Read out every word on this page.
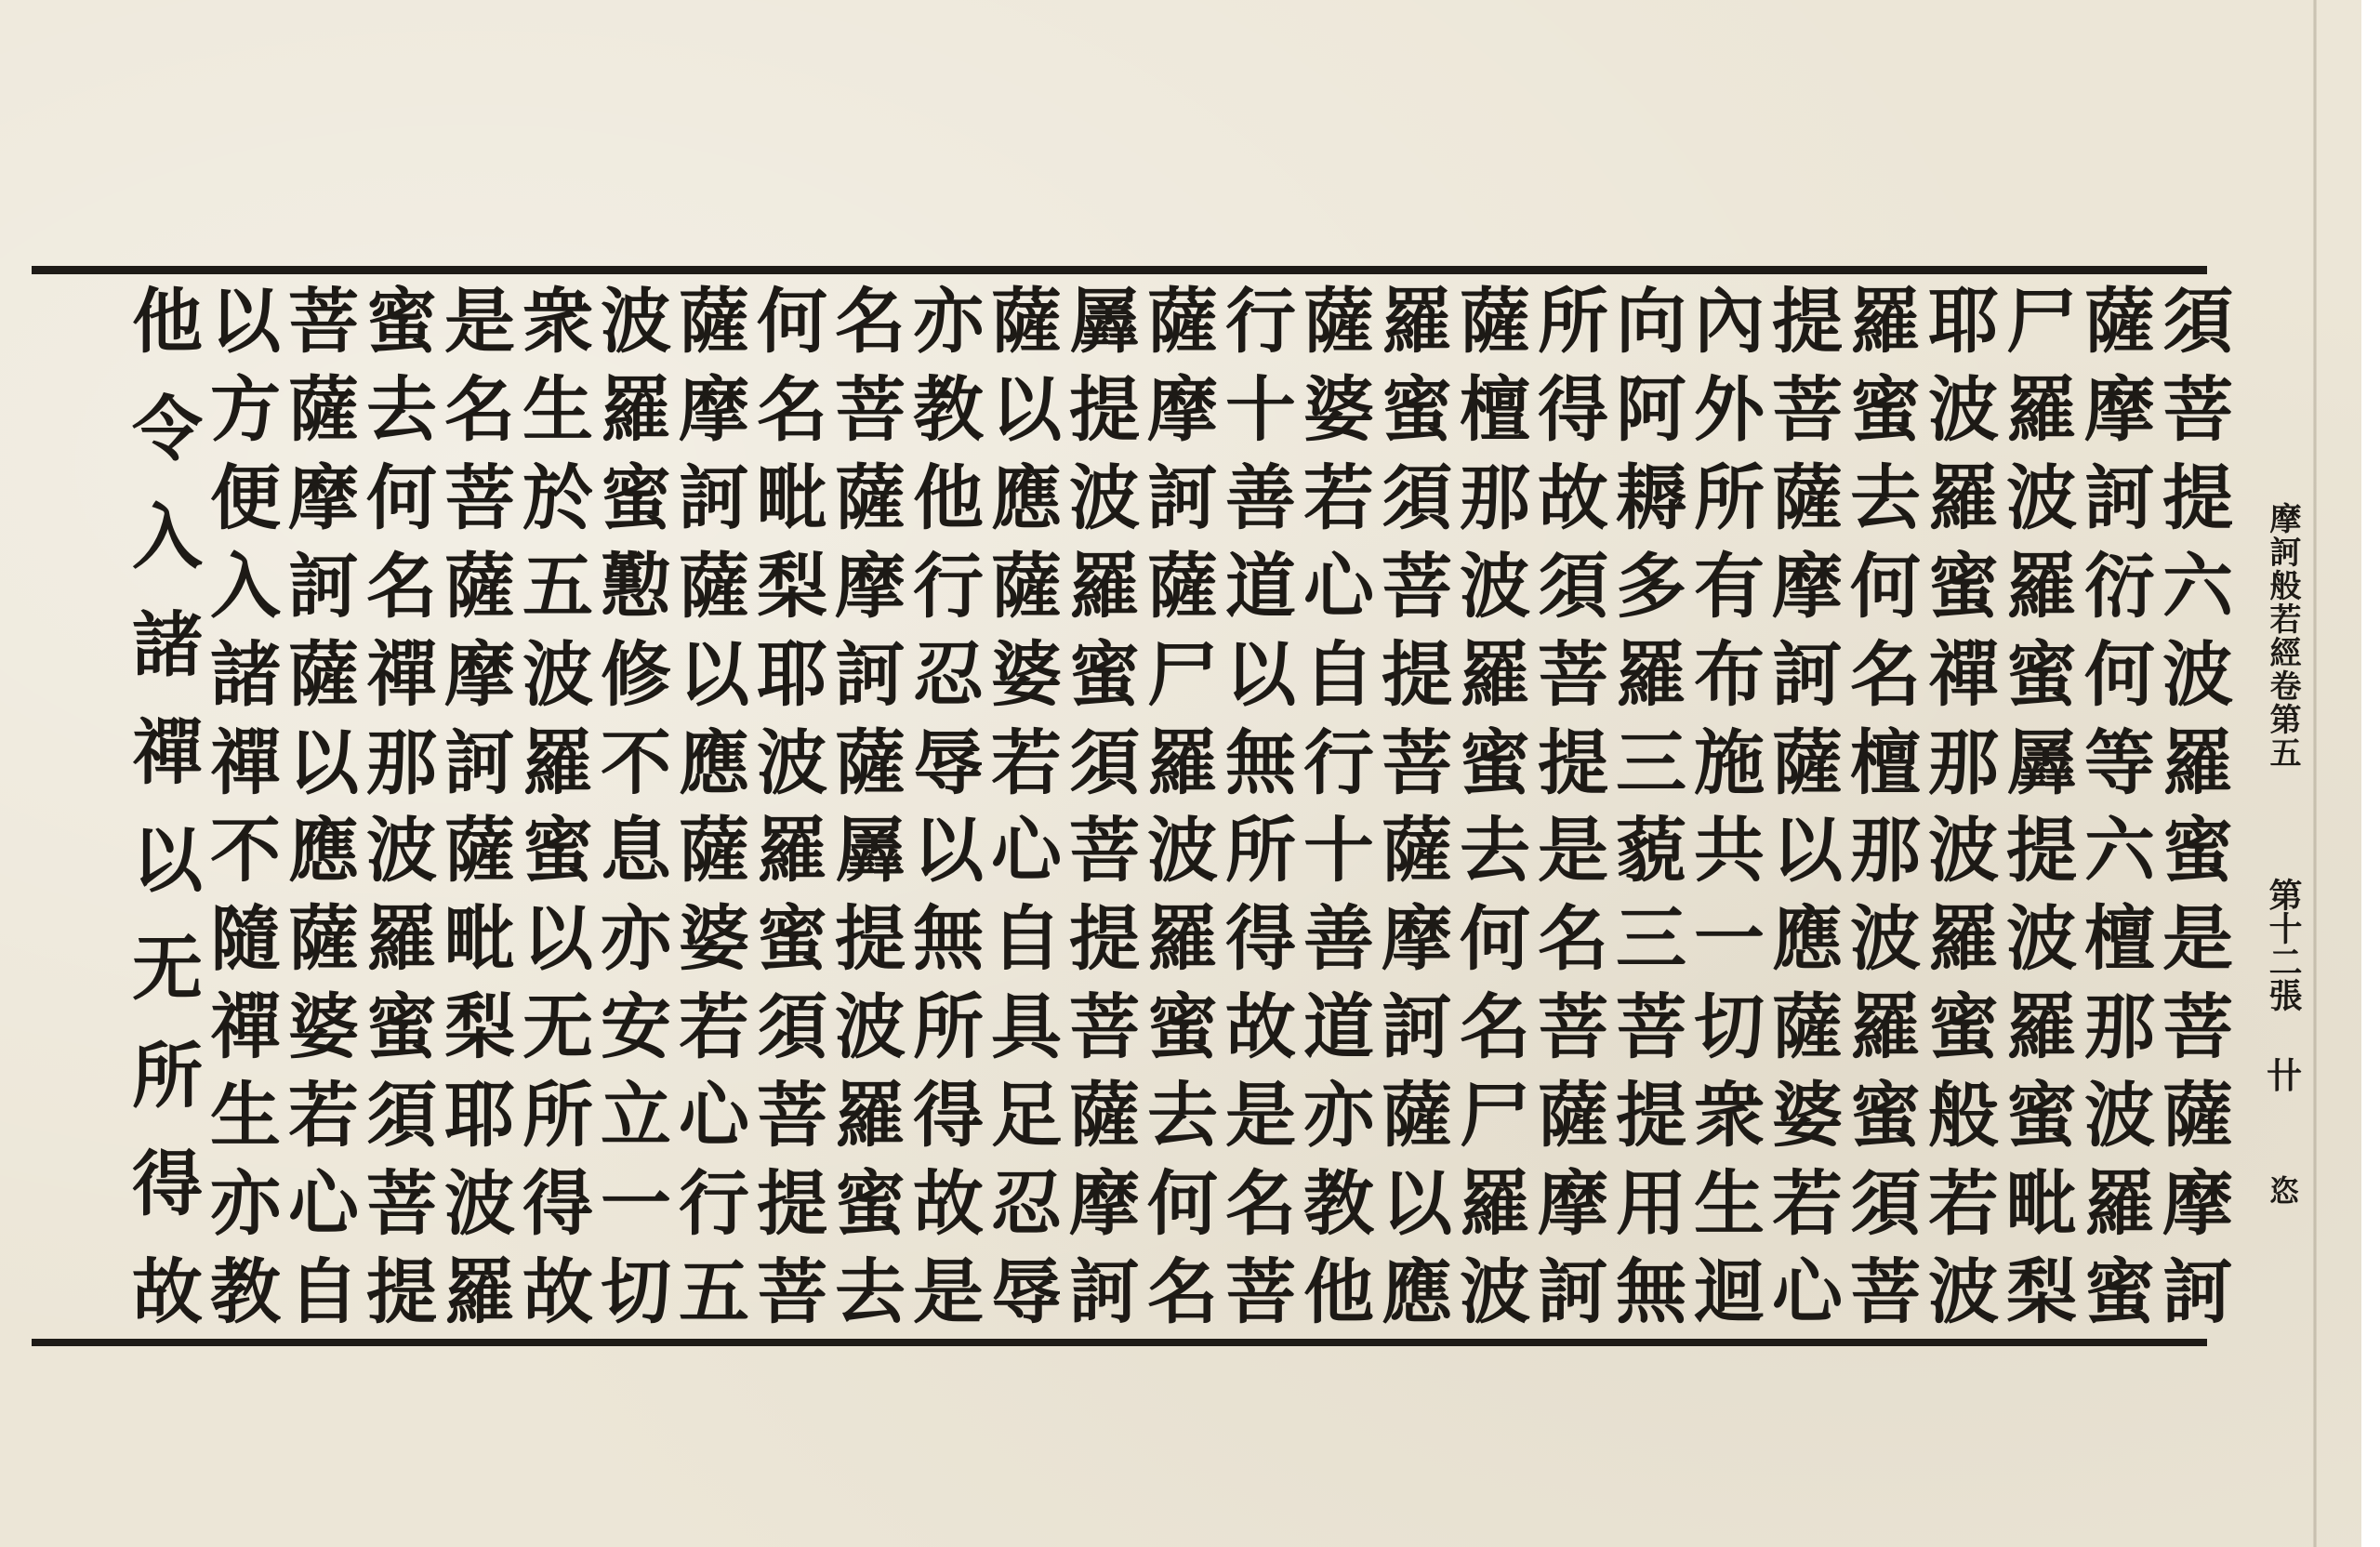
須
菩
提
六
波
羅
蜜
是
菩
薩
摩
訶
薩
摩
訶
衍
何
等
六
檀
那
波
羅
蜜
尸
羅
波
羅
蜜
羼
提
波
羅
蜜
毗
梨
耶
波
羅
蜜
禪
那
波
羅
蜜
般
若
波
羅
蜜
去
何
名
檀
那
波
羅
蜜
須
菩
提
菩
薩
摩
訶
薩
以
應
薩
婆
若
心
內
外
所
有
布
施
共
一
切
衆
生
迴
向
阿
耨
多
羅
三
藐
三
菩
提
用
無
所
得
故
須
菩
提
是
名
菩
薩
摩
訶
薩
檀
那
波
羅
蜜
去
何
名
尸
羅
波
羅
蜜
須
菩
提
菩
薩
摩
訶
薩
以
應
薩
婆
若
心
自
行
十
善
道
亦
教
他
行
十
善
道
以
無
所
得
故
是
名
菩
薩
摩
訶
薩
尸
羅
波
羅
蜜
去
何
名
羼
提
波
羅
蜜
須
菩
提
菩
薩
摩
訶
薩
以
應
薩
婆
若
心
自
具
足
忍
辱
亦
教
他
行
忍
辱
以
無
所
得
故
是
名
菩
薩
摩
訶
薩
羼
提
波
羅
蜜
去
何
名
毗
梨
耶
波
羅
蜜
須
菩
提
菩
薩
摩
訶
薩
以
應
薩
婆
若
心
行
五
波
羅
蜜
懃
修
不
息
亦
安
立
一
切
衆
生
於
五
波
羅
蜜
以
无
所
得
故
是
名
菩
薩
摩
訶
薩
毗
梨
耶
波
羅
蜜
去
何
名
禪
那
波
羅
蜜
須
菩
提
菩
薩
摩
訶
薩
以
應
薩
婆
若
心
自
以
方
便
入
諸
禪
不
隨
禪
生
亦
教
他
令
入
諸
禪
以
无
所
得
故
摩訶般若經卷第五
第十二張
卄
恣
